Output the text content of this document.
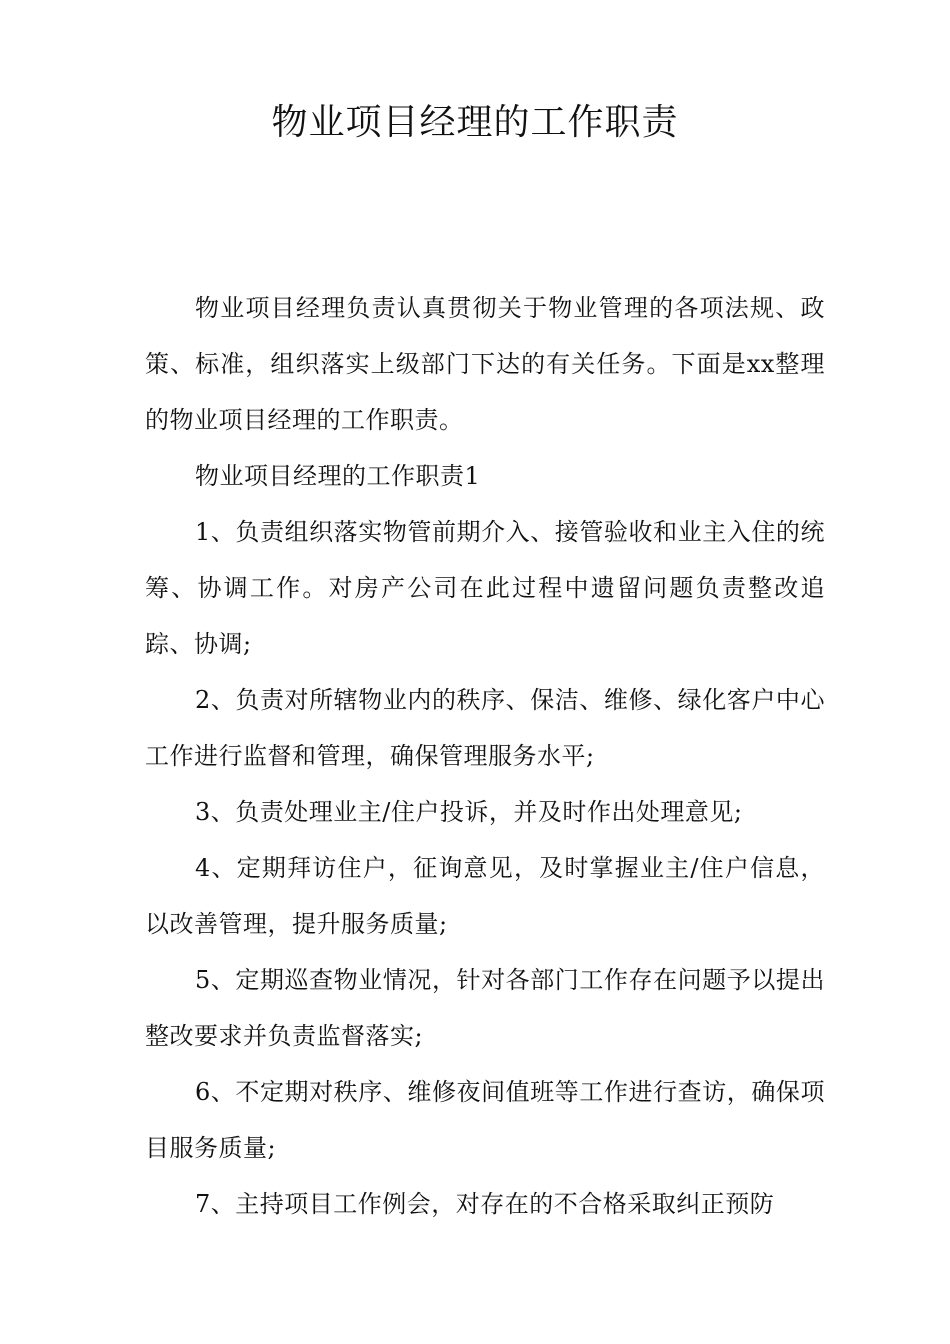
物业项目经理的工作职责

物业项目经理负责认真贯彻关于物业管理的各项法规、政策、标准，组织落实上级部门下达的有关任务。下面是xx整理的物业项目经理的工作职责。

物业项目经理的工作职责1

1、负责组织落实物管前期介入、接管验收和业主入住的统筹、协调工作。对房产公司在此过程中遗留问题负责整改追踪、协调;

2、负责对所辖物业内的秩序、保洁、维修、绿化客户中心工作进行监督和管理，确保管理服务水平;

3、负责处理业主/住户投诉，并及时作出处理意见;

4、定期拜访住户，征询意见，及时掌握业主/住户信息，以改善管理，提升服务质量;

5、定期巡查物业情况，针对各部门工作存在问题予以提出整改要求并负责监督落实;

6、不定期对秩序、维修夜间值班等工作进行查访，确保项目服务质量;

7、主持项目工作例会，对存在的不合格采取纠正预防
